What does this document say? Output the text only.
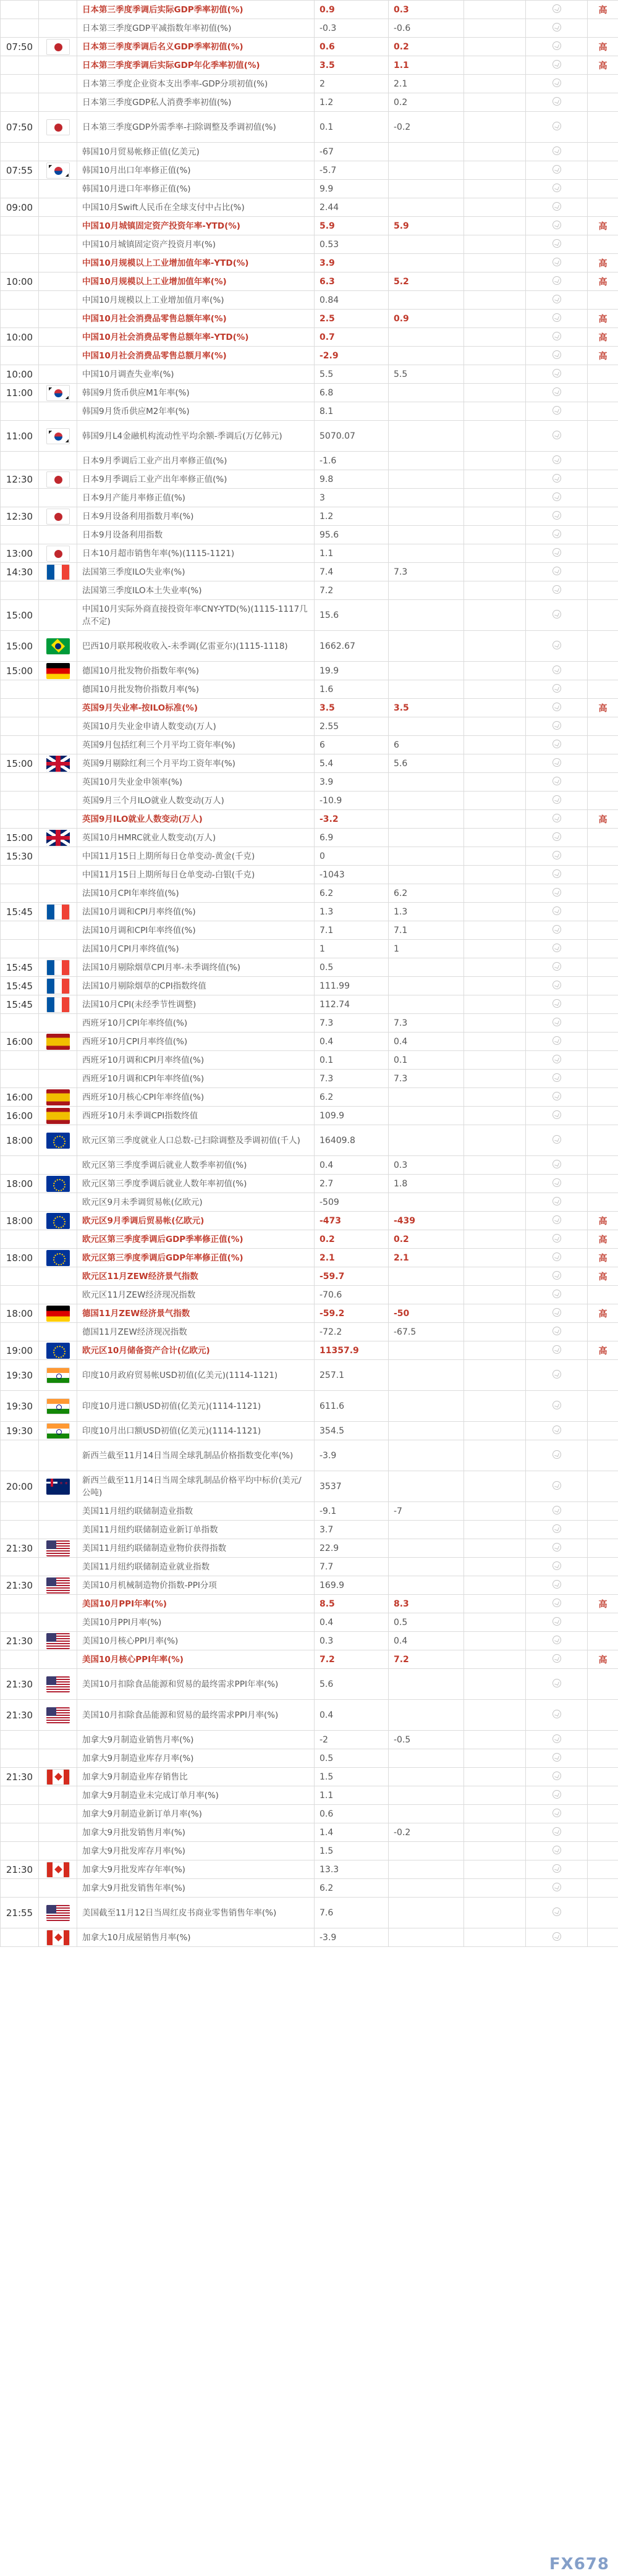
		日本第三季度季调后实际GDP季率初值(%)	0.9	0.3			高
		日本第三季度GDP平减指数年率初值(%)	-0.3	-0.6			
07:50		日本第三季度季调后名义GDP季率初值(%)	0.6	0.2			高
		日本第三季度季调后实际GDP年化季率初值(%)	3.5	1.1			高
		日本第三季度企业资本支出季率-GDP分项初值(%)	2	2.1			
		日本第三季度GDP私人消费季率初值(%)	1.2	0.2			
07:50		日本第三季度GDP外需季率-扫除调整及季调初值(%)	0.1	-0.2			
		韩国10月贸易帐修正值(亿美元)	-67				
07:55		韩国10月出口年率修正值(%)	-5.7				
		韩国10月进口年率修正值(%)	9.9				
09:00		中国10月Swift人民币在全球支付中占比(%)	2.44				
		中国10月城镇固定资产投资年率-YTD(%)	5.9	5.9			高
		中国10月城镇固定资产投资月率(%)	0.53				
		中国10月规模以上工业增加值年率-YTD(%)	3.9				高
10:00		中国10月规模以上工业增加值年率(%)	6.3	5.2			高
		中国10月规模以上工业增加值月率(%)	0.84				
		中国10月社会消费品零售总额年率(%)	2.5	0.9			高
10:00		中国10月社会消费品零售总额年率-YTD(%)	0.7				高
		中国10月社会消费品零售总额月率(%)	-2.9				高
10:00		中国10月调查失业率(%)	5.5	5.5			
11:00		韩国9月货币供应M1年率(%)	6.8				
		韩国9月货币供应M2年率(%)	8.1				
11:00		韩国9月L4金融机构流动性平均余额-季调后(万亿韩元)	5070.07				
		日本9月季调后工业产出月率修正值(%)	-1.6				
12:30		日本9月季调后工业产出年率修正值(%)	9.8				
		日本9月产能月率修正值(%)	3				
12:30		日本9月设备利用指数月率(%)	1.2				
		日本9月设备利用指数	95.6				
13:00		日本10月超市销售年率(%)(1115-1121)	1.1				
14:30		法国第三季度ILO失业率(%)	7.4	7.3			
		法国第三季度ILO本土失业率(%)	7.2				
15:00		中国10月实际外商直接投资年率CNY-YTD(%)(1115-1117几点不定)	15.6				
15:00		巴西10月联邦税收收入-未季调(亿雷亚尔)(1115-1118)	1662.67				
15:00		德国10月批发物价指数年率(%)	19.9				
		德国10月批发物价指数月率(%)	1.6				
		英国9月失业率-按ILO标准(%)	3.5	3.5			高
		英国10月失业金申请人数变动(万人)	2.55				
		英国9月包括红利三个月平均工资年率(%)	6	6			
15:00		英国9月剔除红利三个月平均工资年率(%)	5.4	5.6			
		英国10月失业金申领率(%)	3.9				
		英国9月三个月ILO就业人数变动(万人)	-10.9				
		英国9月ILO就业人数变动(万人)	-3.2				高
15:00		英国10月HMRC就业人数变动(万人)	6.9				
15:30		中国11月15日上期所每日仓单变动-黄金(千克)	0				
		中国11月15日上期所每日仓单变动-白银(千克)	-1043				
		法国10月CPI年率终值(%)	6.2	6.2			
15:45		法国10月调和CPI月率终值(%)	1.3	1.3			
		法国10月调和CPI年率终值(%)	7.1	7.1			
		法国10月CPI月率终值(%)	1	1			
15:45		法国10月剔除烟草CPI月率-未季调终值(%)	0.5				
15:45		法国10月剔除烟草的CPI指数终值	111.99				
15:45		法国10月CPI(未经季节性调整)	112.74				
		西班牙10月CPI年率终值(%)	7.3	7.3			
16:00		西班牙10月CPI月率终值(%)	0.4	0.4			
		西班牙10月调和CPI月率终值(%)	0.1	0.1			
		西班牙10月调和CPI年率终值(%)	7.3	7.3			
16:00		西班牙10月核心CPI年率终值(%)	6.2				
16:00		西班牙10月未季调CPI指数终值	109.9				
18:00		欧元区第三季度就业人口总数-已扫除调整及季调初值(千人)	16409.8				
		欧元区第三季度季调后就业人数季率初值(%)	0.4	0.3			
18:00		欧元区第三季度季调后就业人数年率初值(%)	2.7	1.8			
		欧元区9月未季调贸易帐(亿欧元)	-509				
18:00		欧元区9月季调后贸易帐(亿欧元)	-473	-439			高
		欧元区第三季度季调后GDP季率修正值(%)	0.2	0.2			高
18:00		欧元区第三季度季调后GDP年率修正值(%)	2.1	2.1			高
		欧元区11月ZEW经济景气指数	-59.7				高
		欧元区11月ZEW经济现况指数	-70.6				
18:00		德国11月ZEW经济景气指数	-59.2	-50			高
		德国11月ZEW经济现况指数	-72.2	-67.5			
19:00		欧元区10月储备资产合计(亿欧元)	11357.9				高
19:30		印度10月政府贸易帐USD初值(亿美元)(1114-1121)	257.1				
19:30		印度10月进口额USD初值(亿美元)(1114-1121)	611.6				
19:30		印度10月出口额USD初值(亿美元)(1114-1121)	354.5				
		新西兰截至11月14日当周全球乳制品价格指数变化率(%)	-3.9				
20:00	* *	新西兰截至11月14日当周全球乳制品价格平均中标价(美元/公吨)	3537				
		美国11月纽约联储制造业指数	-9.1	-7			
		美国11月纽约联储制造业新订单指数	3.7				
21:30		美国11月纽约联储制造业物价获得指数	22.9				
		美国11月纽约联储制造业就业指数	7.7				
21:30		美国10月机械制造物价指数-PPI分项	169.9				
		美国10月PPI年率(%)	8.5	8.3			高
		美国10月PPI月率(%)	0.4	0.5			
21:30		美国10月核心PPI月率(%)	0.3	0.4			
		美国10月核心PPI年率(%)	7.2	7.2			高
21:30		美国10月扣除食品能源和贸易的最终需求PPI年率(%)	5.6				
21:30		美国10月扣除食品能源和贸易的最终需求PPI月率(%)	0.4				
		加拿大9月制造业销售月率(%)	-2	-0.5			
		加拿大9月制造业库存月率(%)	0.5				
21:30		加拿大9月制造业库存销售比	1.5				
		加拿大9月制造业未完成订单月率(%)	1.1				
		加拿大9月制造业新订单月率(%)	0.6				
		加拿大9月批发销售月率(%)	1.4	-0.2			
		加拿大9月批发库存月率(%)	1.5				
21:30		加拿大9月批发库存年率(%)	13.3				
		加拿大9月批发销售年率(%)	6.2				
21:55		美国截至11月12日当周红皮书商业零售销售年率(%)	7.6				
		加拿大10月成屋销售月率(%)	-3.9				
FX678
